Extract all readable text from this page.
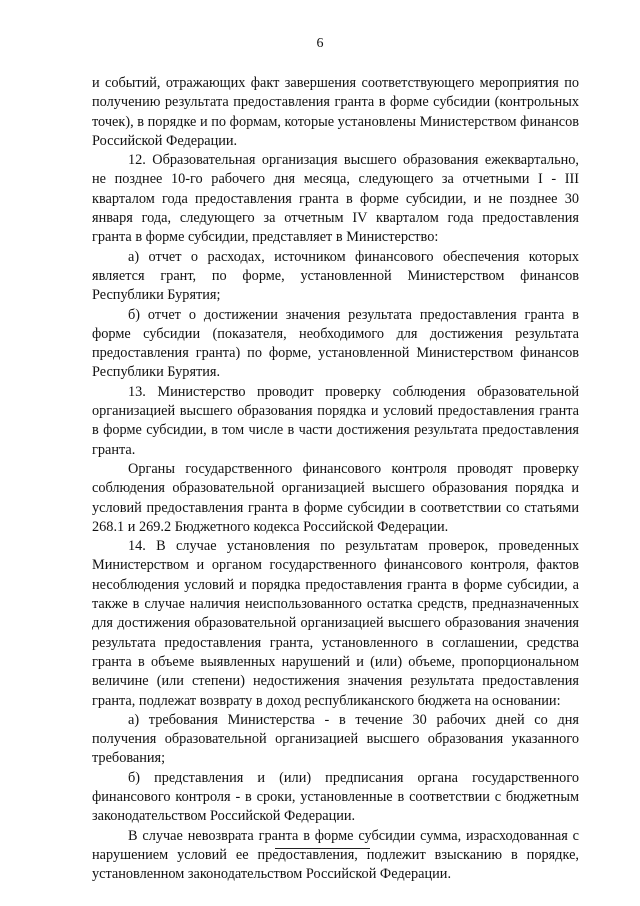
6

и событий, отражающих факт завершения соответствующего мероприятия по получению результата предоставления гранта в форме субсидии (контрольных точек), в порядке и по формам, которые установлены Министерством финансов Российской Федерации.

12. Образовательная организация высшего образования ежеквартально, не позднее 10-го рабочего дня месяца, следующего за отчетными I - III кварталом года предоставления гранта в форме субсидии, и не позднее 30 января года, следующего за отчетным IV кварталом года предоставления гранта в форме субсидии, представляет в Министерство:

а) отчет о расходах, источником финансового обеспечения которых является грант, по форме, установленной Министерством финансов Республики Бурятия;

б) отчет о достижении значения результата предоставления гранта в форме субсидии (показателя, необходимого для достижения результата предоставления гранта) по форме, установленной Министерством финансов Республики Бурятия.

13. Министерство проводит проверку соблюдения образовательной организацией высшего образования порядка и условий предоставления гранта в форме субсидии, в том числе в части достижения результата предоставления гранта.

Органы государственного финансового контроля проводят проверку соблюдения образовательной организацией высшего образования порядка и условий предоставления гранта в форме субсидии в соответствии со статьями 268.1 и 269.2 Бюджетного кодекса Российской Федерации.

14. В случае установления по результатам проверок, проведенных Министерством и органом государственного финансового контроля, фактов несоблюдения условий и порядка предоставления гранта в форме субсидии, а также в случае наличия неиспользованного остатка средств, предназначенных для достижения образовательной организацией высшего образования значения результата предоставления гранта, установленного в соглашении, средства гранта в объеме выявленных нарушений и (или) объеме, пропорциональном величине (или степени) недостижения значения результата предоставления гранта, подлежат возврату в доход республиканского бюджета на основании:

а) требования Министерства - в течение 30 рабочих дней со дня получения образовательной организацией высшего образования указанного требования;

б) представления и (или) предписания органа государственного финансового контроля - в сроки, установленные в соответствии с бюджетным законодательством Российской Федерации.

В случае невозврата гранта в форме субсидии сумма, израсходованная с нарушением условий ее предоставления, подлежит взысканию в порядке, установленном законодательством Российской Федерации.
